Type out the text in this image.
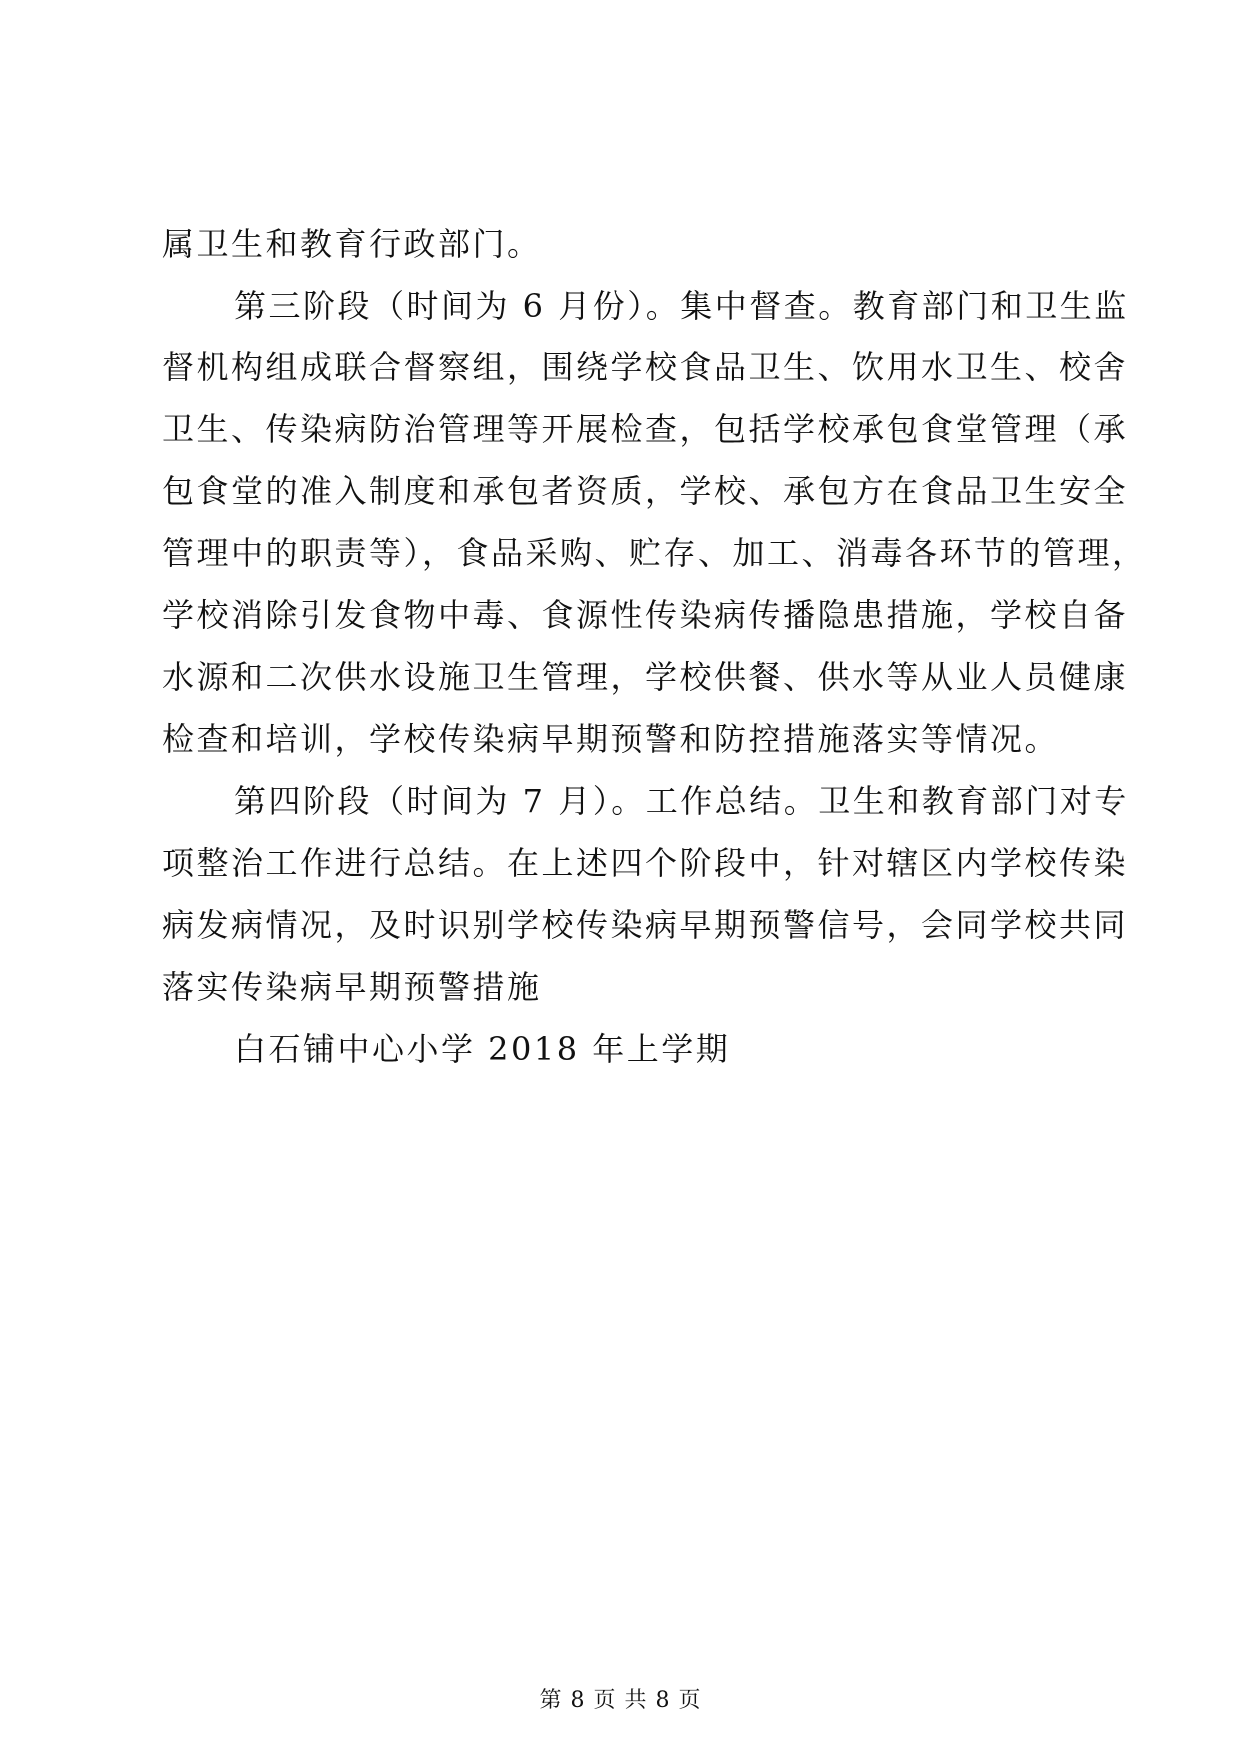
属卫生和教育行政部门。
第三阶段（时间为 6 月份）。集中督查。教育部门和卫生监
督机构组成联合督察组，围绕学校食品卫生、饮用水卫生、校舍
卫生、传染病防治管理等开展检查，包括学校承包食堂管理（承
包食堂的准入制度和承包者资质，学校、承包方在食品卫生安全
管理中的职责等），食品采购、贮存、加工、消毒各环节的管理，
学校消除引发食物中毒、食源性传染病传播隐患措施，学校自备
水源和二次供水设施卫生管理，学校供餐、供水等从业人员健康
检查和培训，学校传染病早期预警和防控措施落实等情况。
第四阶段（时间为 7 月）。工作总结。卫生和教育部门对专
项整治工作进行总结。在上述四个阶段中，针对辖区内学校传染
病发病情况，及时识别学校传染病早期预警信号，会同学校共同
落实传染病早期预警措施
白石铺中心小学 2018 年上学期
第 8 页 共 8 页
